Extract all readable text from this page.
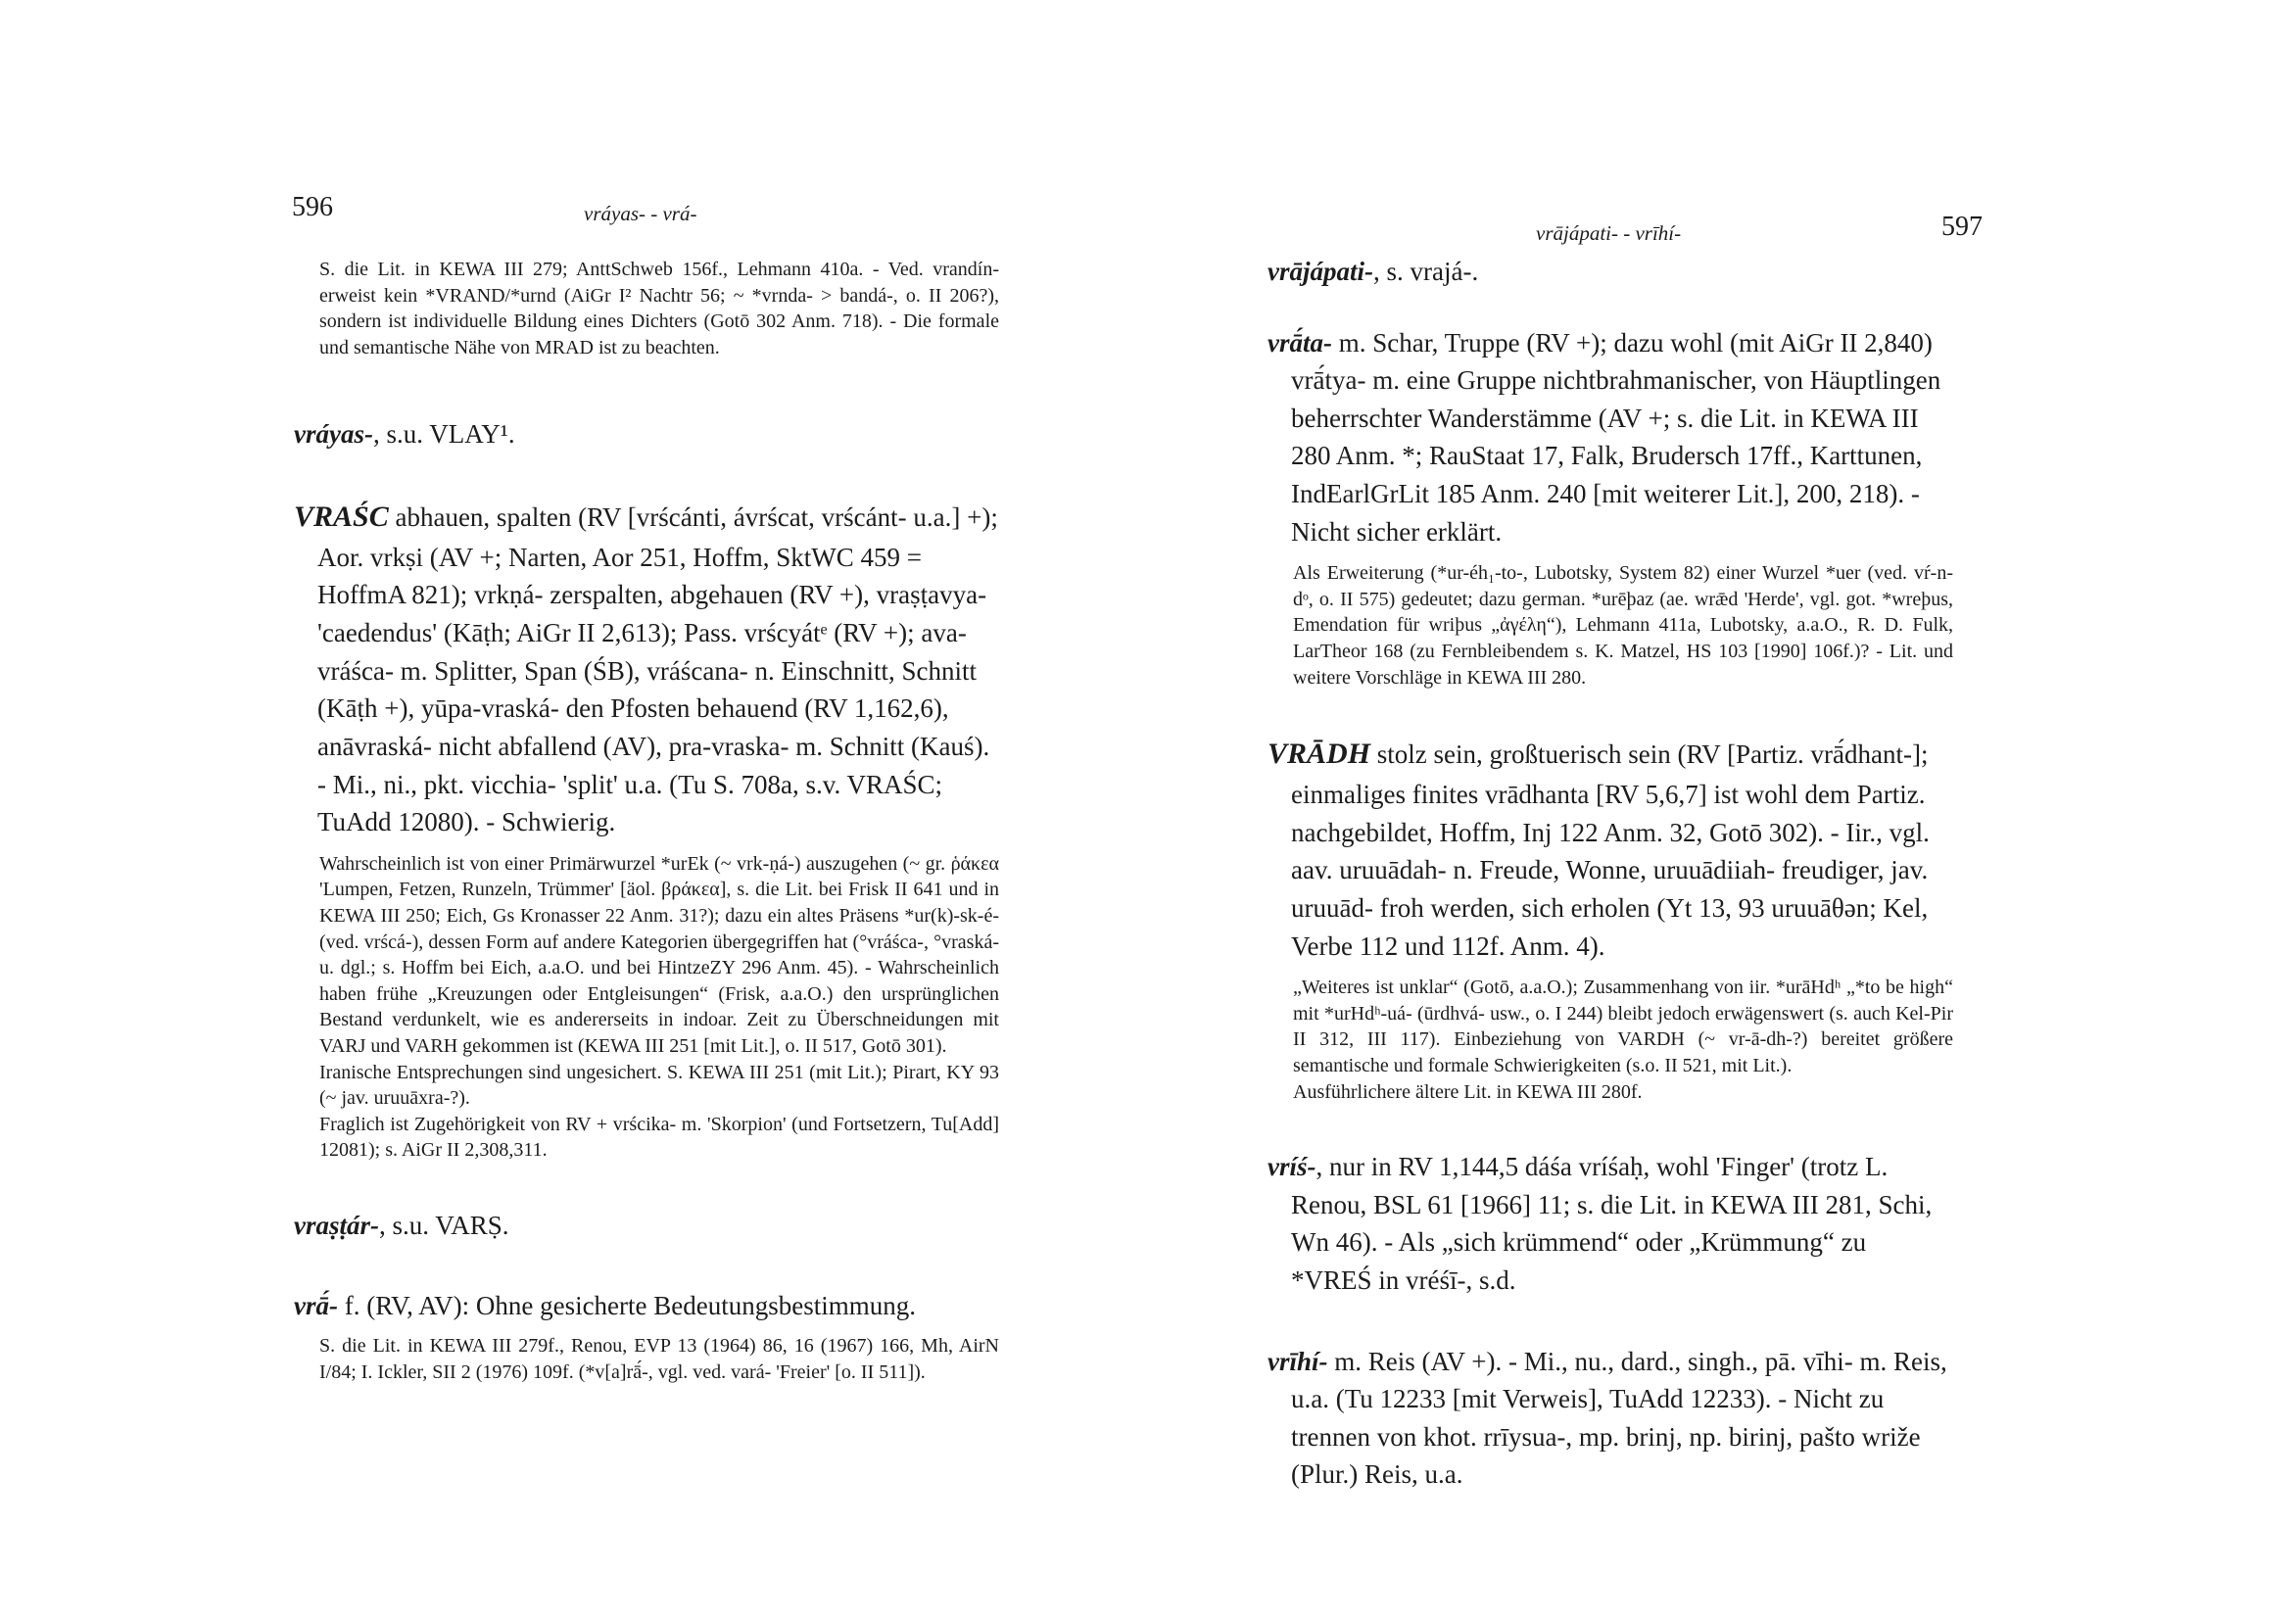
596	vráyas- - vrá-
S. die Lit. in KEWA III 279; AnttSchweb 156f., Lehmann 410a. - Ved. vrandín- erweist kein *VRAND/*urnd (AiGr I² Nachtr 56; ~ *vrnda- > bandá-, o. II 206?), sondern ist individuelle Bildung eines Dichters (Gotō 302 Anm. 718). - Die formale und semantische Nähe von MRAD ist zu beachten.
vráyas-, s.u. VLAY¹.
VRAŚC abhauen, spalten (RV [vrścánti, ávrścat, vrścánt- u.a.] +); Aor. vrkṣi (AV +; Narten, Aor 251, Hoffm, SktWC 459 = HoffmA 821); vrkṇá- zerspalten, abgehauen (RV +), vraṣṭavya- 'caedendus' (Kāṭh; AiGr II 2,613); Pass. vrścyátᵉ (RV +); ava-vráśca- m. Splitter, Span (ŚB), vráścana- n. Einschnitt, Schnitt (Kāṭh +), yūpa-vraská- den Pfosten behauend (RV 1,162,6), anāvraská- nicht abfallend (AV), pra-vraska- m. Schnitt (Kauś). - Mi., ni., pkt. vicchia- 'split' u.a. (Tu S. 708a, s.v. VRAŚC; TuAdd 12080). - Schwierig.

Wahrscheinlich ist von einer Primärwurzel *urEk (~ vrk-ṇá-) auszugehen (~ gr. ῥάκεα 'Lumpen, Fetzen, Runzeln, Trümmer' [äol. βράκεα], s. die Lit. bei Frisk II 641 und in KEWA III 250; Eich, Gs Kronasser 22 Anm. 31?); dazu ein altes Präsens *ur(k)-sk-é- (ved. vrścá-), dessen Form auf andere Kategorien übergegriffen hat (°vráśca-, °vraská- u. dgl.; s. Hoffm bei Eich, a.a.O. und bei HintzeZY 296 Anm. 45). - Wahrscheinlich haben frühe „Kreuzungen oder Entgleisungen“ (Frisk, a.a.O.) den ursprünglichen Bestand verdunkelt, wie es andererseits in indoar. Zeit zu Überschneidungen mit VARJ und VARH gekommen ist (KEWA III 251 [mit Lit.], o. II 517, Gotō 301).

Iranische Entsprechungen sind ungesichert. S. KEWA III 251 (mit Lit.); Pirart, KY 93 (~ jav. uruuāxra-?).

Fraglich ist Zugehörigkeit von RV + vrścika- m. 'Skorpion' (und Fortsetzern, Tu[Add] 12081); s. AiGr II 2,308,311.

vraṣṭár-, s.u. VARṢ.
vrā́- f. (RV, AV): Ohne gesicherte Bedeutungsbestimmung.

S. die Lit. in KEWA III 279f., Renou, EVP 13 (1964) 86, 16 (1967) 166, Mh, AirN I/84; I. Ickler, SII 2 (1976) 109f. (*v[a]rā́-, vgl. ved. vará- 'Freier' [o. II 511]).

vrājápati- - vrīhí-	597
vrājápati-, s. vrajá-.
vrā́ta- m. Schar, Truppe (RV +); dazu wohl (mit AiGr II 2,840) vrā́tya- m. eine Gruppe nichtbrahmanischer, von Häuptlingen beherrschter Wanderstämme (AV +; s. die Lit. in KEWA III 280 Anm. *; RauStaat 17, Falk, Brudersch 17ff., Karttunen, IndEarlGrLit 185 Anm. 240 [mit weiterer Lit.], 200, 218). - Nicht sicher erklärt.

Als Erweiterung (*ur-éh₁-to-, Lubotsky, System 82) einer Wurzel *uer (ved. vŕ-n-dᵒ, o. II 575) gedeutet; dazu german. *urēþaz (ae. wrǣd 'Herde', vgl. got. *wreþus, Emendation für wriþus „ἀγέλη“), Lehmann 411a, Lubotsky, a.a.O., R. D. Fulk, LarTheor 168 (zu Fernbleibendem s. K. Matzel, HS 103 [1990] 106f.)? - Lit. und weitere Vorschläge in KEWA III 280.

VRĀDH stolz sein, großtuerisch sein (RV [Partiz. vrā́dhant-]; einmaliges finites vrādhanta [RV 5,6,7] ist wohl dem Partiz. nachgebildet, Hoffm, Inj 122 Anm. 32, Gotō 302). - Iir., vgl. aav. uruuādah- n. Freude, Wonne, uruuādiiah- freudiger, jav. uruuād- froh werden, sich erholen (Yt 13, 93 uruuāθən; Kel, Verbe 112 und 112f. Anm. 4).

„Weiteres ist unklar“ (Gotō, a.a.O.); Zusammenhang von iir. *urāHdʰ „*to be high“ mit *urHdʰ-uá- (ūrdhvá- usw., o. I 244) bleibt jedoch erwägenswert (s. auch Kel-Pir II 312, III 117). Einbeziehung von VARDH (~ vr-ā-dh-?) bereitet größere semantische und formale Schwierigkeiten (s.o. II 521, mit Lit.).

Ausführlichere ältere Lit. in KEWA III 280f.

vríś-, nur in RV 1,144,5 dáśa vríśaḥ, wohl 'Finger' (trotz L. Renou, BSL 61 [1966] 11; s. die Lit. in KEWA III 281, Schi, Wn 46). - Als „sich krümmend“ oder „Krümmung“ zu *VREŚ in vréśī-, s.d.
vrīhí- m. Reis (AV +). - Mi., nu., dard., singh., pā. vīhi- m. Reis, u.a. (Tu 12233 [mit Verweis], TuAdd 12233). - Nicht zu trennen von khot. rrīysua-, mp. brinj, np. birinj, pašto wriže (Plur.) Reis, u.a.
